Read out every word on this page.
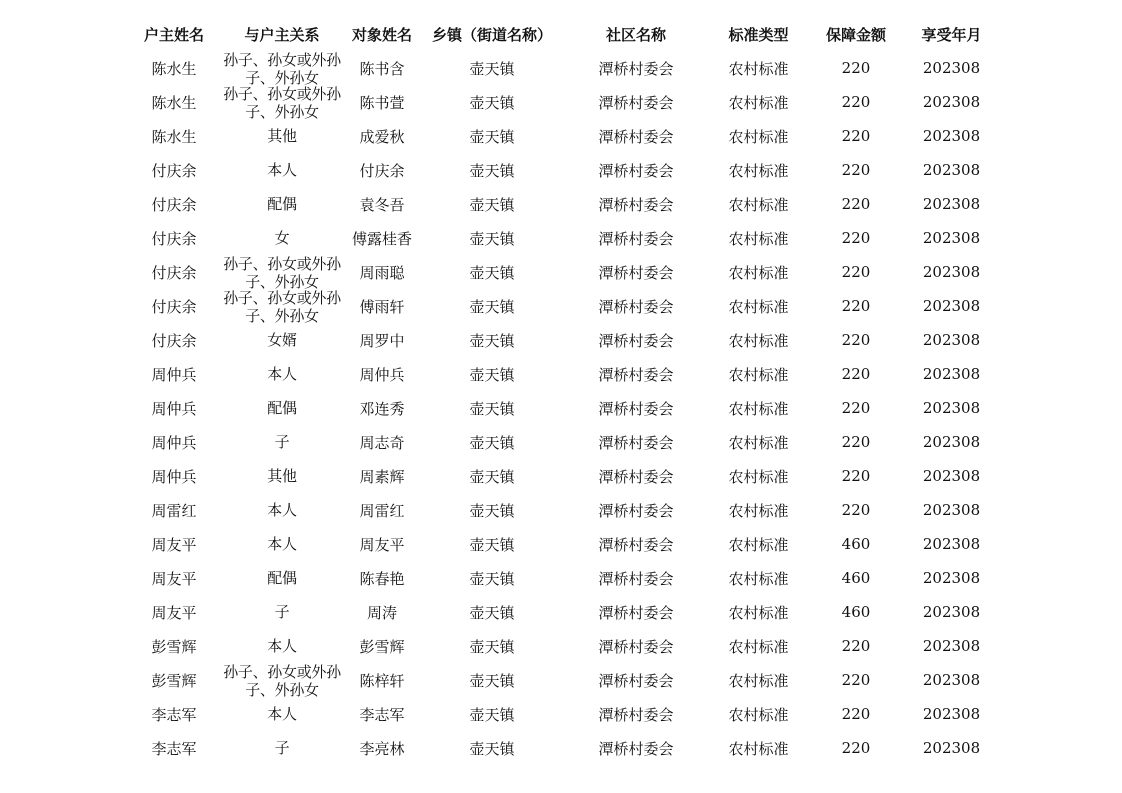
户主姓名	与户主关系	对象姓名	乡镇（街道名称）	社区名称	标准类型	保障金额	享受年月
陈水生	孙子、孙女或外孙子、外孙女	陈书含	壶天镇	潭桥村委会	农村标准	220	202308
陈水生	孙子、孙女或外孙子、外孙女	陈书萱	壶天镇	潭桥村委会	农村标准	220	202308
陈水生	其他	成爱秋	壶天镇	潭桥村委会	农村标准	220	202308
付庆余	本人	付庆余	壶天镇	潭桥村委会	农村标准	220	202308
付庆余	配偶	袁冬吾	壶天镇	潭桥村委会	农村标准	220	202308
付庆余	女	傅露桂香	壶天镇	潭桥村委会	农村标准	220	202308
付庆余	孙子、孙女或外孙子、外孙女	周雨聪	壶天镇	潭桥村委会	农村标准	220	202308
付庆余	孙子、孙女或外孙子、外孙女	傅雨轩	壶天镇	潭桥村委会	农村标准	220	202308
付庆余	女婿	周罗中	壶天镇	潭桥村委会	农村标准	220	202308
周仲兵	本人	周仲兵	壶天镇	潭桥村委会	农村标准	220	202308
周仲兵	配偶	邓连秀	壶天镇	潭桥村委会	农村标准	220	202308
周仲兵	子	周志奇	壶天镇	潭桥村委会	农村标准	220	202308
周仲兵	其他	周素辉	壶天镇	潭桥村委会	农村标准	220	202308
周雷红	本人	周雷红	壶天镇	潭桥村委会	农村标准	220	202308
周友平	本人	周友平	壶天镇	潭桥村委会	农村标准	460	202308
周友平	配偶	陈春艳	壶天镇	潭桥村委会	农村标准	460	202308
周友平	子	周涛	壶天镇	潭桥村委会	农村标准	460	202308
彭雪辉	本人	彭雪辉	壶天镇	潭桥村委会	农村标准	220	202308
彭雪辉	孙子、孙女或外孙子、外孙女	陈梓轩	壶天镇	潭桥村委会	农村标准	220	202308
李志军	本人	李志军	壶天镇	潭桥村委会	农村标准	220	202308
李志军	子	李亮林	壶天镇	潭桥村委会	农村标准	220	202308
